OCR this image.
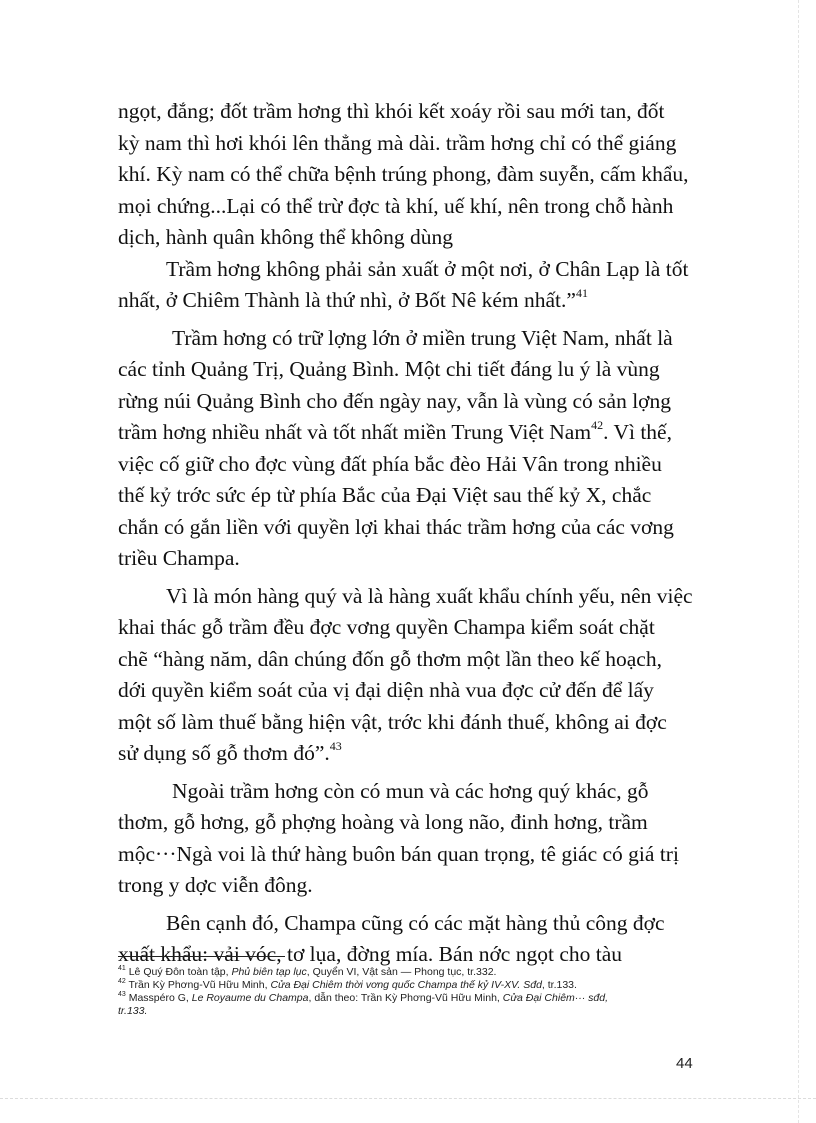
ngọt, đắng; đốt trầm hơng thì khói kết xoáy rồi sau mới tan, đốt
kỳ nam thì hơi khói lên thẳng mà dài. trầm hơng chỉ có thể giáng
khí. Kỳ nam có thể chữa bệnh trúng phong, đàm suyễn, cấm khẩu,
mọi chứng...Lại có thể trừ đợc tà khí, uế khí, nên trong chỗ hành
dịch, hành quân không thể không dùng

Trầm hơng không phải sản xuất ở một nơi, ở Chân Lạp là tốt
nhất, ở Chiêm Thành là thứ nhì, ở Bốt Nê kém nhất.”$^{41}$

Trầm hơng có trữ lợng lớn ở miền trung Việt Nam, nhất là
các tỉnh Quảng Trị, Quảng Bình. Một chi tiết đáng lu ý là vùng
rừng núi Quảng Bình cho đến ngày nay, vẫn là vùng có sản lợng
trầm hơng nhiều nhất và tốt nhất miền Trung Việt Nam$^{42}$. Vì thế,
việc cố giữ cho đợc vùng đất phía bắc đèo Hải Vân trong nhiều
thế kỷ trớc sức ép từ phía Bắc của Đại Việt sau thế kỷ X, chắc
chắn có gắn liền với quyền lợi khai thác trầm hơng của các vơng
triều Champa.

Vì là món hàng quý và là hàng xuất khẩu chính yếu, nên việc
khai thác gỗ trầm đều đợc vơng quyền Champa kiểm soát chặt
chẽ “hàng năm, dân chúng đốn gỗ thơm một lần theo kế hoạch,
dới quyền kiểm soát của vị đại diện nhà vua đợc cử đến để lấy
một số làm thuế bằng hiện vật, trớc khi đánh thuế, không ai đợc
sử dụng số gỗ thơm đó”.$^{43}$

Ngoài trầm hơng còn có mun và các hơng quý khác, gỗ
thơm, gỗ hơng, gỗ phợng hoàng và long não, đinh hơng, trầm
mộc···Ngà voi là thứ hàng buôn bán quan trọng, tê giác có giá trị
trong y dợc viễn đông.

Bên cạnh đó, Champa cũng có các mặt hàng thủ công đợc
xuất khẩu: vải vóc, tơ lụa, đờng mía. Bán nớc ngọt cho tàu

$^{41}$ Lê Quý Đôn toàn tập, Phủ biên tạp lục, Quyển VI, Vật sản — Phong tục, tr.332.
$^{42}$ Trần Kỳ Phơng-Vũ Hữu Minh, Cửa Đại Chiêm thời vơng quốc Champa thế kỷ IV-XV. Sđd, tr.133.
$^{43}$ Masspéro G, Le Royaume du Champa, dẫn theo: Trần Kỳ Phơng-Vũ Hữu Minh, Cửa Đại Chiêm··· sđd,
tr.133.
44
